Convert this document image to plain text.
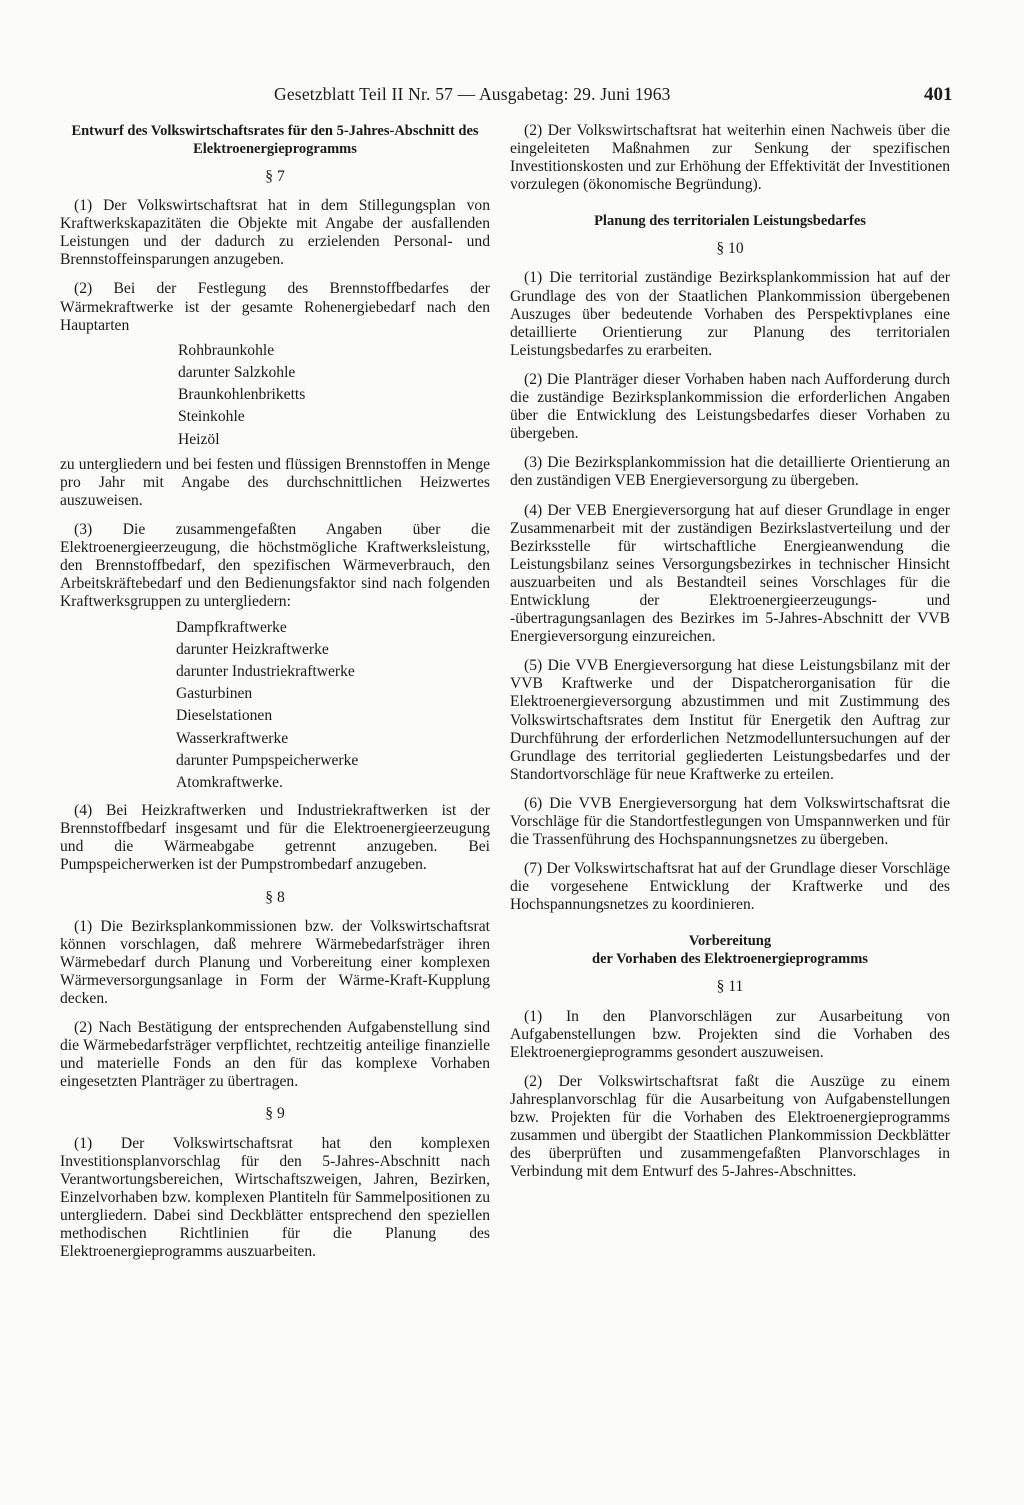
Gesetzblatt Teil II Nr. 57 — Ausgabetag: 29. Juni 1963	401
Entwurf des Volkswirtschaftsrates für den 5-Jahres-Abschnitt des Elektroenergieprogramms
§ 7

(1) Der Volkswirtschaftsrat hat in dem Stillegungsplan von Kraftwerkskapazitäten die Objekte mit Angabe der ausfallenden Leistungen und der dadurch zu erzielenden Personal- und Brennstoffeinsparungen anzugeben.

(2) Bei der Festlegung des Brennstoffbedarfes der Wärmekraftwerke ist der gesamte Rohenergiebedarf nach den Hauptarten

Rohbraunkohle
darunter Salzkohle
Braunkohlenbriketts
Steinkohle
Heizöl

zu untergliedern und bei festen und flüssigen Brennstoffen in Menge pro Jahr mit Angabe des durchschnittlichen Heizwertes auszuweisen.

(3) Die zusammengefaßten Angaben über die Elektroenergieerzeugung, die höchstmögliche Kraftwerksleistung, den Brennstoffbedarf, den spezifischen Wärmeverbrauch, den Arbeitskräftebedarf und den Bedienungsfaktor sind nach folgenden Kraftwerksgruppen zu untergliedern:

Dampfkraftwerke
darunter Heizkraftwerke
darunter Industriekraftwerke
Gasturbinen
Dieselstationen
Wasserkraftwerke
darunter Pumpspeicherwerke
Atomkraftwerke.

(4) Bei Heizkraftwerken und Industriekraftwerken ist der Brennstoffbedarf insgesamt und für die Elektroenergieerzeugung und die Wärmeabgabe getrennt anzugeben. Bei Pumpspeicherwerken ist der Pumpstrombedarf anzugeben.

§ 8

(1) Die Bezirksplankommissionen bzw. der Volkswirtschaftsrat können vorschlagen, daß mehrere Wärmebedarfsträger ihren Wärmebedarf durch Planung und Vorbereitung einer komplexen Wärmeversorgungsanlage in Form der Wärme-Kraft-Kupplung decken.

(2) Nach Bestätigung der entsprechenden Aufgabenstellung sind die Wärmebedarfsträger verpflichtet, rechtzeitig anteilige finanzielle und materielle Fonds an den für das komplexe Vorhaben eingesetzten Planträger zu übertragen.

§ 9

(1) Der Volkswirtschaftsrat hat den komplexen Investitionsplanvorschlag für den 5-Jahres-Abschnitt nach Verantwortungsbereichen, Wirtschaftszweigen, Jahren, Bezirken, Einzelvorhaben bzw. komplexen Plantiteln für Sammelpositionen zu untergliedern. Dabei sind Deckblätter entsprechend den speziellen methodischen Richtlinien für die Planung des Elektroenergieprogramms auszuarbeiten.

(2) Der Volkswirtschaftsrat hat weiterhin einen Nachweis über die eingeleiteten Maßnahmen zur Senkung der spezifischen Investitionskosten und zur Erhöhung der Effektivität der Investitionen vorzulegen (ökonomische Begründung).

Planung des territorialen Leistungsbedarfes
§ 10

(1) Die territorial zuständige Bezirksplankommission hat auf der Grundlage des von der Staatlichen Plankommission übergebenen Auszuges über bedeutende Vorhaben des Perspektivplanes eine detaillierte Orientierung zur Planung des territorialen Leistungsbedarfes zu erarbeiten.

(2) Die Planträger dieser Vorhaben haben nach Aufforderung durch die zuständige Bezirksplankommission die erforderlichen Angaben über die Entwicklung des Leistungsbedarfes dieser Vorhaben zu übergeben.

(3) Die Bezirksplankommission hat die detaillierte Orientierung an den zuständigen VEB Energieversorgung zu übergeben.

(4) Der VEB Energieversorgung hat auf dieser Grundlage in enger Zusammenarbeit mit der zuständigen Bezirkslastverteilung und der Bezirksstelle für wirtschaftliche Energieanwendung die Leistungsbilanz seines Versorgungsbezirkes in technischer Hinsicht auszuarbeiten und als Bestandteil seines Vorschlages für die Entwicklung der Elektroenergieerzeugungs- und -übertragungsanlagen des Bezirkes im 5-Jahres-Abschnitt der VVB Energieversorgung einzureichen.

(5) Die VVB Energieversorgung hat diese Leistungsbilanz mit der VVB Kraftwerke und der Dispatcherorganisation für die Elektroenergieversorgung abzustimmen und mit Zustimmung des Volkswirtschaftsrates dem Institut für Energetik den Auftrag zur Durchführung der erforderlichen Netzmodelluntersuchungen auf der Grundlage des territorial gegliederten Leistungsbedarfes und der Standortvorschläge für neue Kraftwerke zu erteilen.

(6) Die VVB Energieversorgung hat dem Volkswirtschaftsrat die Vorschläge für die Standortfestlegungen von Umspannwerken und für die Trassenführung des Hochspannungsnetzes zu übergeben.

(7) Der Volkswirtschaftsrat hat auf der Grundlage dieser Vorschläge die vorgesehene Entwicklung der Kraftwerke und des Hochspannungsnetzes zu koordinieren.

Vorbereitung
der Vorhaben des Elektroenergieprogramms
§ 11

(1) In den Planvorschlägen zur Ausarbeitung von Aufgabenstellungen bzw. Projekten sind die Vorhaben des Elektroenergieprogramms gesondert auszuweisen.

(2) Der Volkswirtschaftsrat faßt die Auszüge zu einem Jahresplanvorschlag für die Ausarbeitung von Aufgabenstellungen bzw. Projekten für die Vorhaben des Elektroenergieprogramms zusammen und übergibt der Staatlichen Plankommission Deckblätter des überprüften und zusammengefaßten Planvorschlages in Verbindung mit dem Entwurf des 5-Jahres-Abschnittes.
